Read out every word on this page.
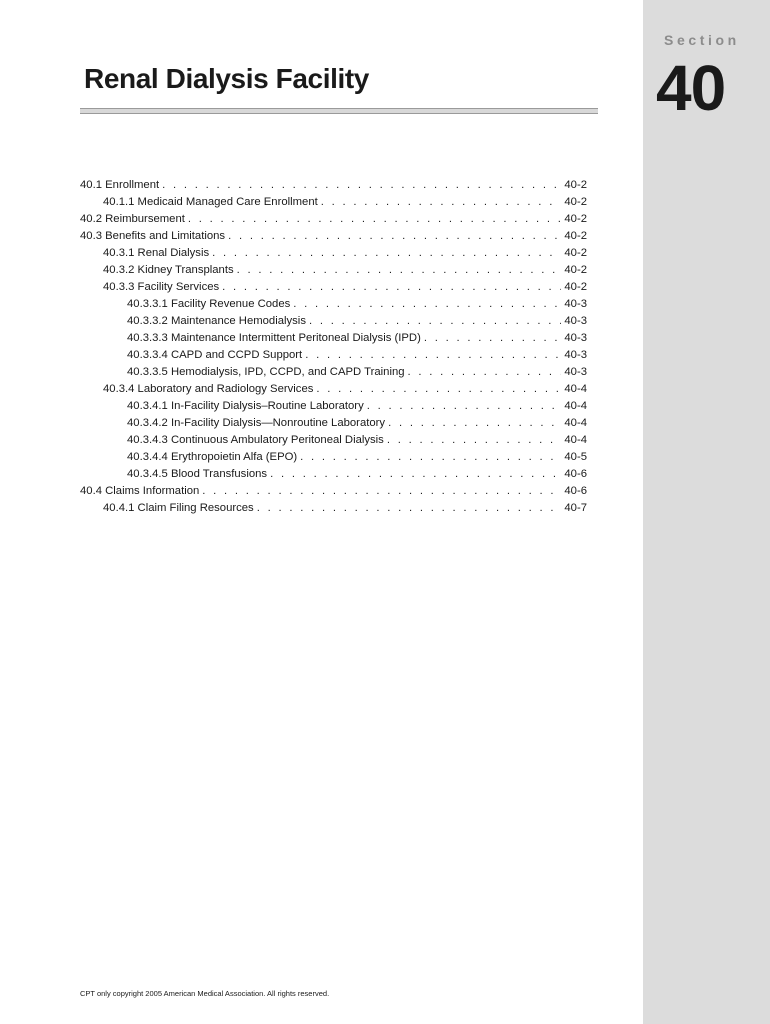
Section
40
Renal Dialysis Facility
40.1 Enrollment . . .	40-2
40.1.1 Medicaid Managed Care Enrollment . . .	40-2
40.2 Reimbursement . . .	40-2
40.3 Benefits and Limitations . . .	40-2
40.3.1 Renal Dialysis . . .	40-2
40.3.2 Kidney Transplants . . .	40-2
40.3.3 Facility Services . . .	40-2
40.3.3.1 Facility Revenue Codes . . .	40-3
40.3.3.2 Maintenance Hemodialysis . . .	40-3
40.3.3.3 Maintenance Intermittent Peritoneal Dialysis (IPD) . . .	40-3
40.3.3.4 CAPD and CCPD Support . . .	40-3
40.3.3.5 Hemodialysis, IPD, CCPD, and CAPD Training . . .	40-3
40.3.4 Laboratory and Radiology Services . . .	40-4
40.3.4.1 In-Facility Dialysis–Routine Laboratory . . .	40-4
40.3.4.2 In-Facility Dialysis—Nonroutine Laboratory . . .	40-4
40.3.4.3 Continuous Ambulatory Peritoneal Dialysis . . .	40-4
40.3.4.4 Erythropoietin Alfa (EPO) . . .	40-5
40.3.4.5 Blood Transfusions . . .	40-6
40.4 Claims Information . . .	40-6
40.4.1 Claim Filing Resources . . .	40-7
CPT only copyright 2005 American Medical Association. All rights reserved.
